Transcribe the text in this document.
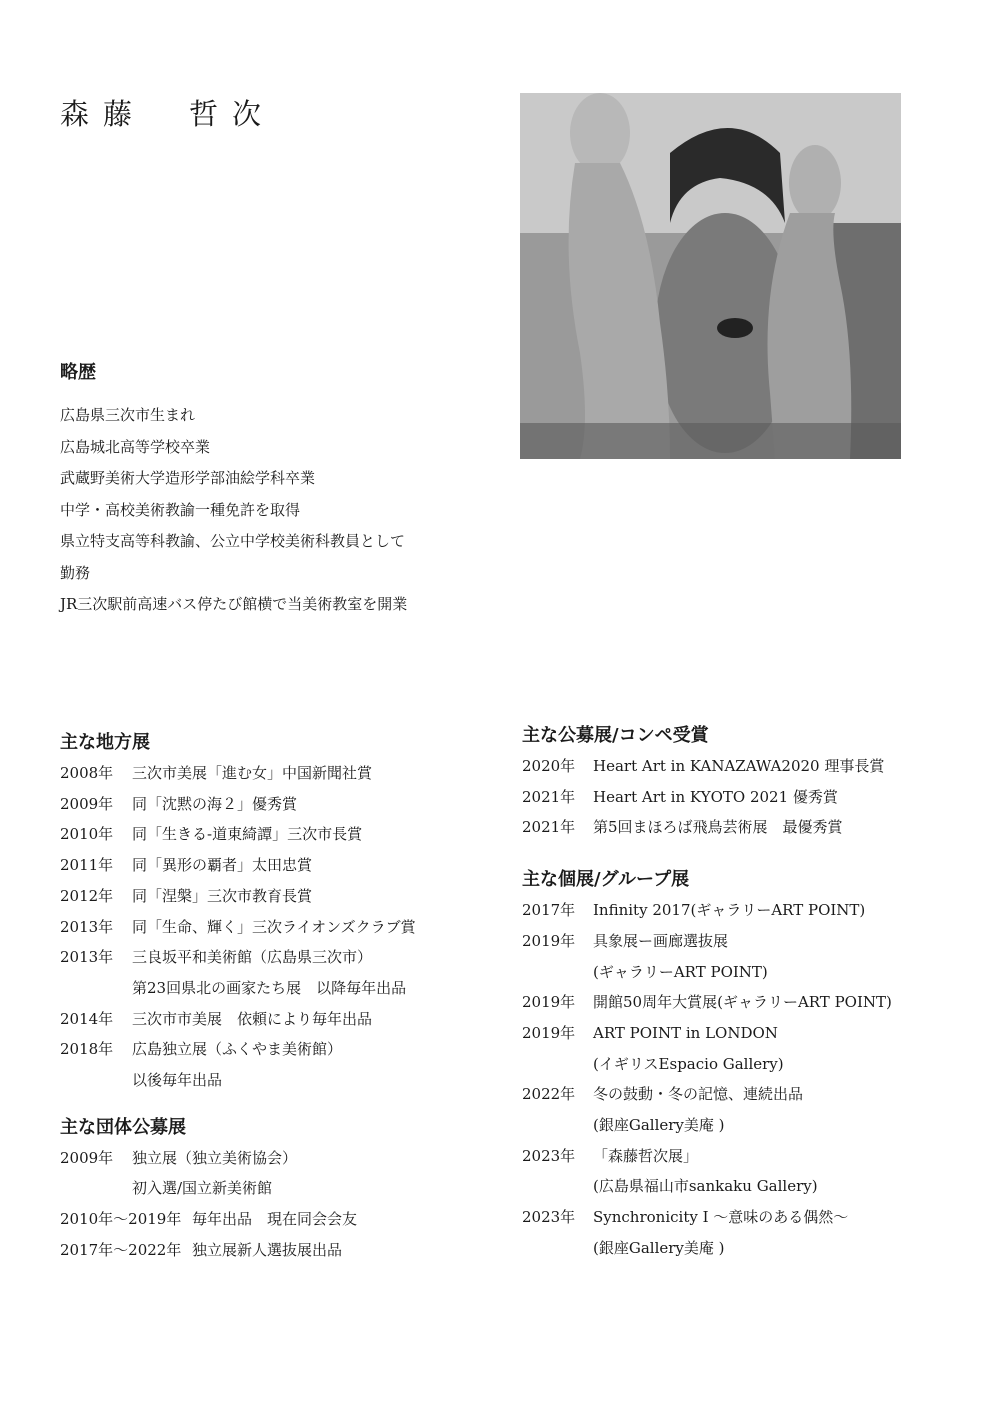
森藤　哲次
略歴
広島県三次市生まれ
広島城北高等学校卒業
武蔵野美術大学造形学部油絵学科卒業
中学・高校美術教諭一種免許を取得
県立特支高等科教諭、公立中学校美術科教員として
勤務
JR三次駅前高速バス停たび館横で当美術教室を開業
主な地方展
2008年	三次市美展「進む女」中国新聞社賞
2009年	同「沈黙の海２」優秀賞
2010年	同「生きる-道東綺譚」三次市長賞
2011年	同「異形の覇者」太田忠賞
2012年	同「涅槃」三次市教育長賞
2013年	同「生命、輝く」三次ライオンズクラブ賞
2013年	三良坂平和美術館（広島県三次市）
第23回県北の画家たち展　以降毎年出品
2014年	三次市市美展　依頼により毎年出品
2018年	広島独立展（ふくやま美術館）
以後毎年出品
主な団体公募展
2009年	独立展（独立美術協会）
初入選/国立新美術館
2010年〜2019年 毎年出品　現在同会会友
2017年〜2022年 独立展新人選抜展出品
主な公募展/コンペ受賞
2020年	Heart Art in KANAZAWA2020 理事長賞
2021年	Heart Art in KYOTO 2021 優秀賞
2021年	第5回まほろば飛鳥芸術展　最優秀賞
主な個展/グループ展
2017年	Infinity 2017(ギャラリーART POINT)
2019年	具象展ー画廊選抜展
(ギャラリーART POINT)
2019年	開館50周年大賞展(ギャラリーART POINT)
2019年	ART POINT in LONDON
(イギリスEspacio Gallery)
2022年	冬の鼓動・冬の記憶、連続出品
(銀座Gallery美庵 )
2023年	「森藤哲次展」
(広島県福山市sankaku Gallery)
2023年	Synchronicity I 〜意味のある偶然〜
(銀座Gallery美庵 )
